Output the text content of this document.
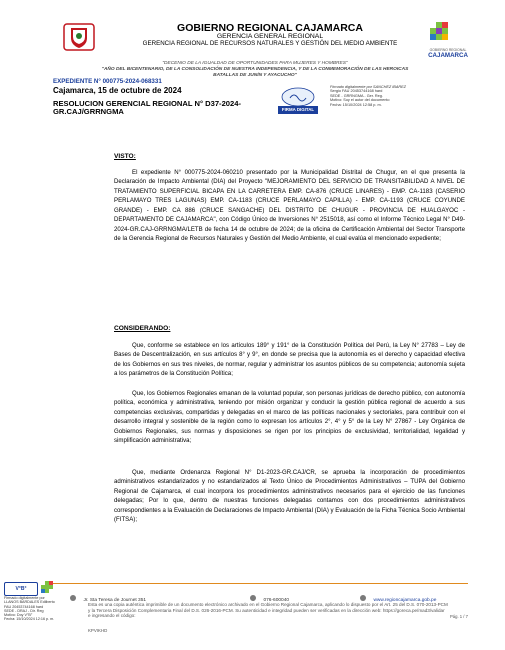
GOBIERNO REGIONAL CAJAMARCA
GERENCIA GENERAL REGIONAL
GERENCIA REGIONAL DE RECURSOS NATURALES Y GESTIÓN DEL MEDIO AMBIENTE
GOBIERNO REGIONAL
CAJAMARCA
"DECENIO DE LA IGUALDAD DE OPORTUNIDADES PARA MUJERES Y HOMBRES"
"AÑO DEL BICENTENARIO, DE LA CONSOLIDACIÓN DE NUESTRA INDEPENDENCIA, Y DE LA CONMEMORACIÓN DE LAS HEROICAS BATALLAS DE JUNÍN Y AYACUCHO"
EXPEDIENTE N° 000775-2024-068331
Cajamarca, 15 de octubre de 2024
RESOLUCION GERENCIAL REGIONAL N° D37-2024-GR.CAJ/GRRNGMA	FIRMA DIGITAL
Firmado digitalmente por SANCHEZ IBAREZ
Sergio FAU 20453744168 hard
SEDE - GRRNGMA - Ger. Reg.
Motivo: Soy el autor del documento
Fecha: 15/10/2024 12:58 p. m.
VISTO:
El expediente N° 000775-2024-060210 presentado por la Municipalidad Distrital de Chugur, en el que presenta la Declaración de Impacto Ambiental (DIA) del Proyecto "MEJORAMIENTO DEL SERVICIO DE TRANSITABILIDAD A NIVEL DE TRATAMIENTO SUPERFICIAL BICAPA EN LA CARRETERA EMP. CA-876 (CRUCE LINARES) - EMP. CA-1183 (CASERIO PERLAMAYO TRES LAGUNAS) EMP. CA-1183 (CRUCE PERLAMAYO CAPILLA) - EMP. CA-1193 (CRUCE COYUNDE GRANDE) - EMP. CA 886 (CRUCE SANGACHE) DEL DISTRITO DE CHUGUR - PROVINCIA DE HUALGAYOC - DEPARTAMENTO DE CAJAMARCA", con Código Único de Inversiones N° 2515018, así como el Informe Técnico Legal N° D49-2024-GR.CAJ-GRRNGMA/LETB de fecha 14 de octubre de 2024; de la oficina de Certificación Ambiental del Sector Transporte de la Gerencia Regional de Recursos Naturales y Gestión del Medio Ambiente, el cual evalúa el mencionado expediente;
CONSIDERANDO:
Que, conforme se establece en los artículos 189° y 191° de la Constitución Política del Perú, la Ley N° 27783 – Ley de Bases de Descentralización, en sus artículos 8° y 9°, en donde se precisa que la autonomía es el derecho y capacidad efectiva de los Gobiernos en sus tres niveles, de normar, regular y administrar los asuntos públicos de su competencia; autonomía sujeta a los parámetros de la Constitución Política;
Que, los Gobiernos Regionales emanan de la voluntad popular, son personas jurídicas de derecho público, con autonomía política, económica y administrativa, teniendo por misión organizar y conducir la gestión pública regional de acuerdo a sus competencias exclusivas, compartidas y delegadas en el marco de las políticas nacionales y sectoriales, para contribuir con el desarrollo integral y sostenible de la región como lo expresan los artículos 2°, 4° y 5° de la Ley N° 27867 - Ley Orgánica de Gobiernos Regionales, sus normas y disposiciones se rigen por los principios de exclusividad, territorialidad, legalidad y simplificación administrativa;
Que, mediante Ordenanza Regional N° D1-2023-GR.CAJ/CR, se aprueba la incorporación de procedimientos administrativos estandarizados y no estandarizados al Texto Único de Procedimientos Administrativos – TUPA del Gobierno Regional de Cajamarca, el cual incorpora los procedimientos administrativos necesarios para el ejercicio de las funciones delegadas; Por lo que, dentro de nuestras funciones delegadas contamos con dos procedimientos administrativos correspondientes a la Evaluación de Declaraciones de Impacto Ambiental (DIA) y Evaluación de la Ficha Técnica Socio Ambiental (FITSA);
Jr. Sta Teresa de Journet 351	076-600040	www.regioncajamarca.gob.pe
V°B°
Firmado digitalmente por
LLANOS BARDALES Edilberto
FAU 20453744168 hard
SEDE - DRAJ - Dir. Reg
Motivo: Doy V°B°
Fecha: 15/10/2024 12:16 p. m.
Esta es una copia auténtica imprimible de un documento electrónico archivado en el Gobierno Regional Cajamarca, aplicando lo dispuesto por el Art. 25 del D.S. 070-2013-PCM y la Tercera Disposición Complementaria Final del D.S. 026-2016-PCM. Su autenticidad e integridad pueden ser verificadas en la dirección web: https://goreca.pe/mad3/validar e ingresando el código:
KPVIKHD
Pág. 1 / 7
